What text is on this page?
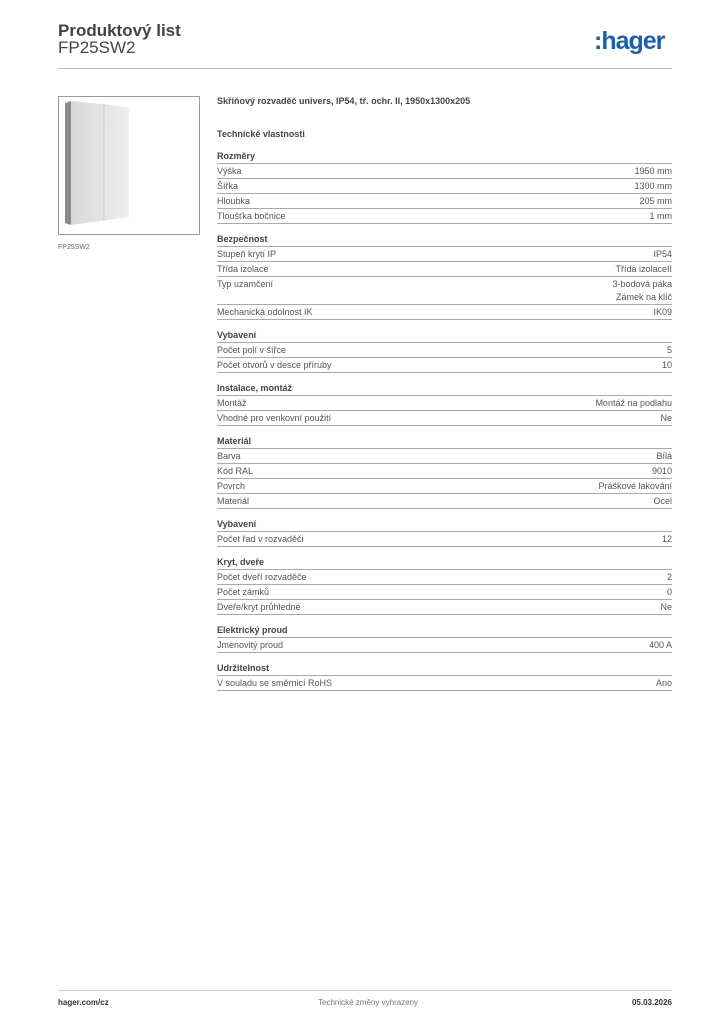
Produktový list
FP25SW2	:hager
FP25SW2
Skříňový rozvaděč univers, IP54, tř. ochr. II, 1950x1300x205
Technické vlastnosti
Rozměry
Výška	1950 mm
Šířka	1300 mm
Hloubka	205 mm
Tloušťka bočnice	1 mm
Bezpečnost
Stupeň krytí IP	IP54
Třída izolace	Třída izolaceII
Typ uzamčení	3-bodová páka
Zámek na klíč
Mechanická odolnost IK	IK09
Vybavení
Počet polí v šířce	5
Počet otvorů v desce příruby	10
Instalace, montáž
Montáž	Montáž na podlahu
Vhodné pro venkovní použití	Ne
Materiál
Barva	Bílá
Kód RAL	9010
Povrch	Práškové lakování
Materiál	Ocel
Vybavení
Počet řad v rozvaděči	12
Kryt, dveře
Počet dveří rozvaděče	2
Počet zámků	0
Dveře/kryt průhledné	Ne
Elektrický proud
Jmenovitý proud	400 A
Udržitelnost
V souladu se směrnicí RoHS	Ano
hager.com/cz	Technické změny vyhrazeny	05.03.2026
